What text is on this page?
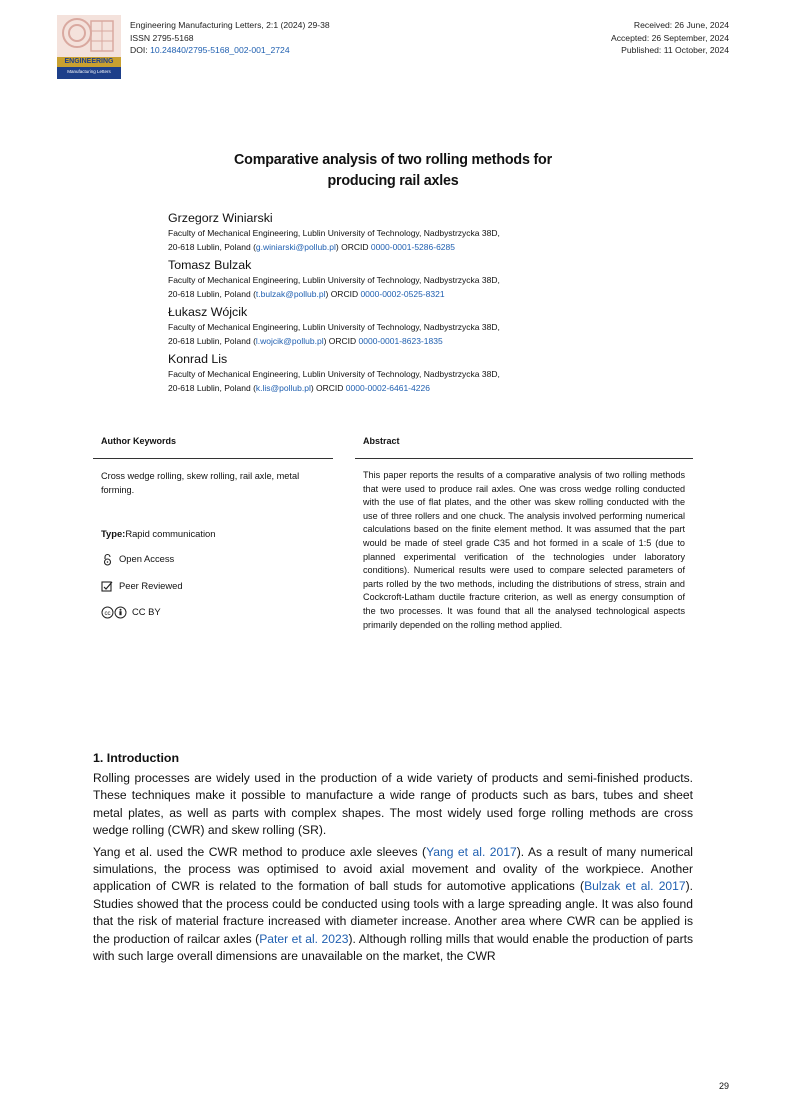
ENGINEERING
Manufacturing Letters
Engineering Manufacturing Letters, 2:1 (2024) 29-38
ISSN 2795-5168
DOI: 10.24840/2795-5168_002-001_2724
Received: 26 June, 2024
Accepted: 26 September, 2024
Published: 11 October, 2024
Comparative analysis of two rolling methods for
producing rail axles
Grzegorz Winiarski
Faculty of Mechanical Engineering, Lublin University of Technology, Nadbystrzycka 38D,
20-618 Lublin, Poland (g.winiarski@pollub.pl) ORCID 0000-0001-5286-6285
Tomasz Bulzak
Faculty of Mechanical Engineering, Lublin University of Technology, Nadbystrzycka 38D,
20-618 Lublin, Poland (t.bulzak@pollub.pl) ORCID 0000-0002-0525-8321
Łukasz Wójcik
Faculty of Mechanical Engineering, Lublin University of Technology, Nadbystrzycka 38D,
20-618 Lublin, Poland (l.wojcik@pollub.pl) ORCID 0000-0001-8623-1835
Konrad Lis
Faculty of Mechanical Engineering, Lublin University of Technology, Nadbystrzycka 38D,
20-618 Lublin, Poland (k.lis@pollub.pl) ORCID 0000-0002-6461-4226
Author Keywords	Abstract
Cross wedge rolling, skew rolling, rail axle, metal forming.
Type: Rapid communication
Open Access
Peer Reviewed
cc CC BY
This paper reports the results of a comparative analysis of two rolling methods that were used to produce rail axles. One was cross wedge rolling conducted with the use of flat plates, and the other was skew rolling conducted with the use of three rollers and one chuck. The analysis involved performing numerical calculations based on the finite element method. It was assumed that the part would be made of steel grade C35 and hot formed in a scale of 1:5 (due to planned experimental verification of the technologies under laboratory conditions). Numerical results were used to compare selected parameters of parts rolled by the two methods, including the distributions of stress, strain and Cockcroft-Latham ductile fracture criterion, as well as energy consumption of the two processes. It was found that all the analysed technological aspects primarily depended on the rolling method applied.
1. Introduction

Rolling processes are widely used in the production of a wide variety of products and semi-finished products. These techniques make it possible to manufacture a wide range of products such as bars, tubes and sheet metal plates, as well as parts with complex shapes. The most widely used forge rolling methods are cross wedge rolling (CWR) and skew rolling (SR).

Yang et al. used the CWR method to produce axle sleeves (Yang et al. 2017). As a result of many numerical simulations, the process was optimised to avoid axial movement and ovality of the workpiece. Another application of CWR is related to the formation of ball studs for automotive applications (Bulzak et al. 2017). Studies showed that the process could be conducted using tools with a large spreading angle. It was also found that the risk of material fracture increased with diameter increase. Another area where CWR can be applied is the production of railcar axles (Pater et al. 2023). Although rolling mills that would enable the production of parts with such large overall dimensions are unavailable on the market, the CWR

29
